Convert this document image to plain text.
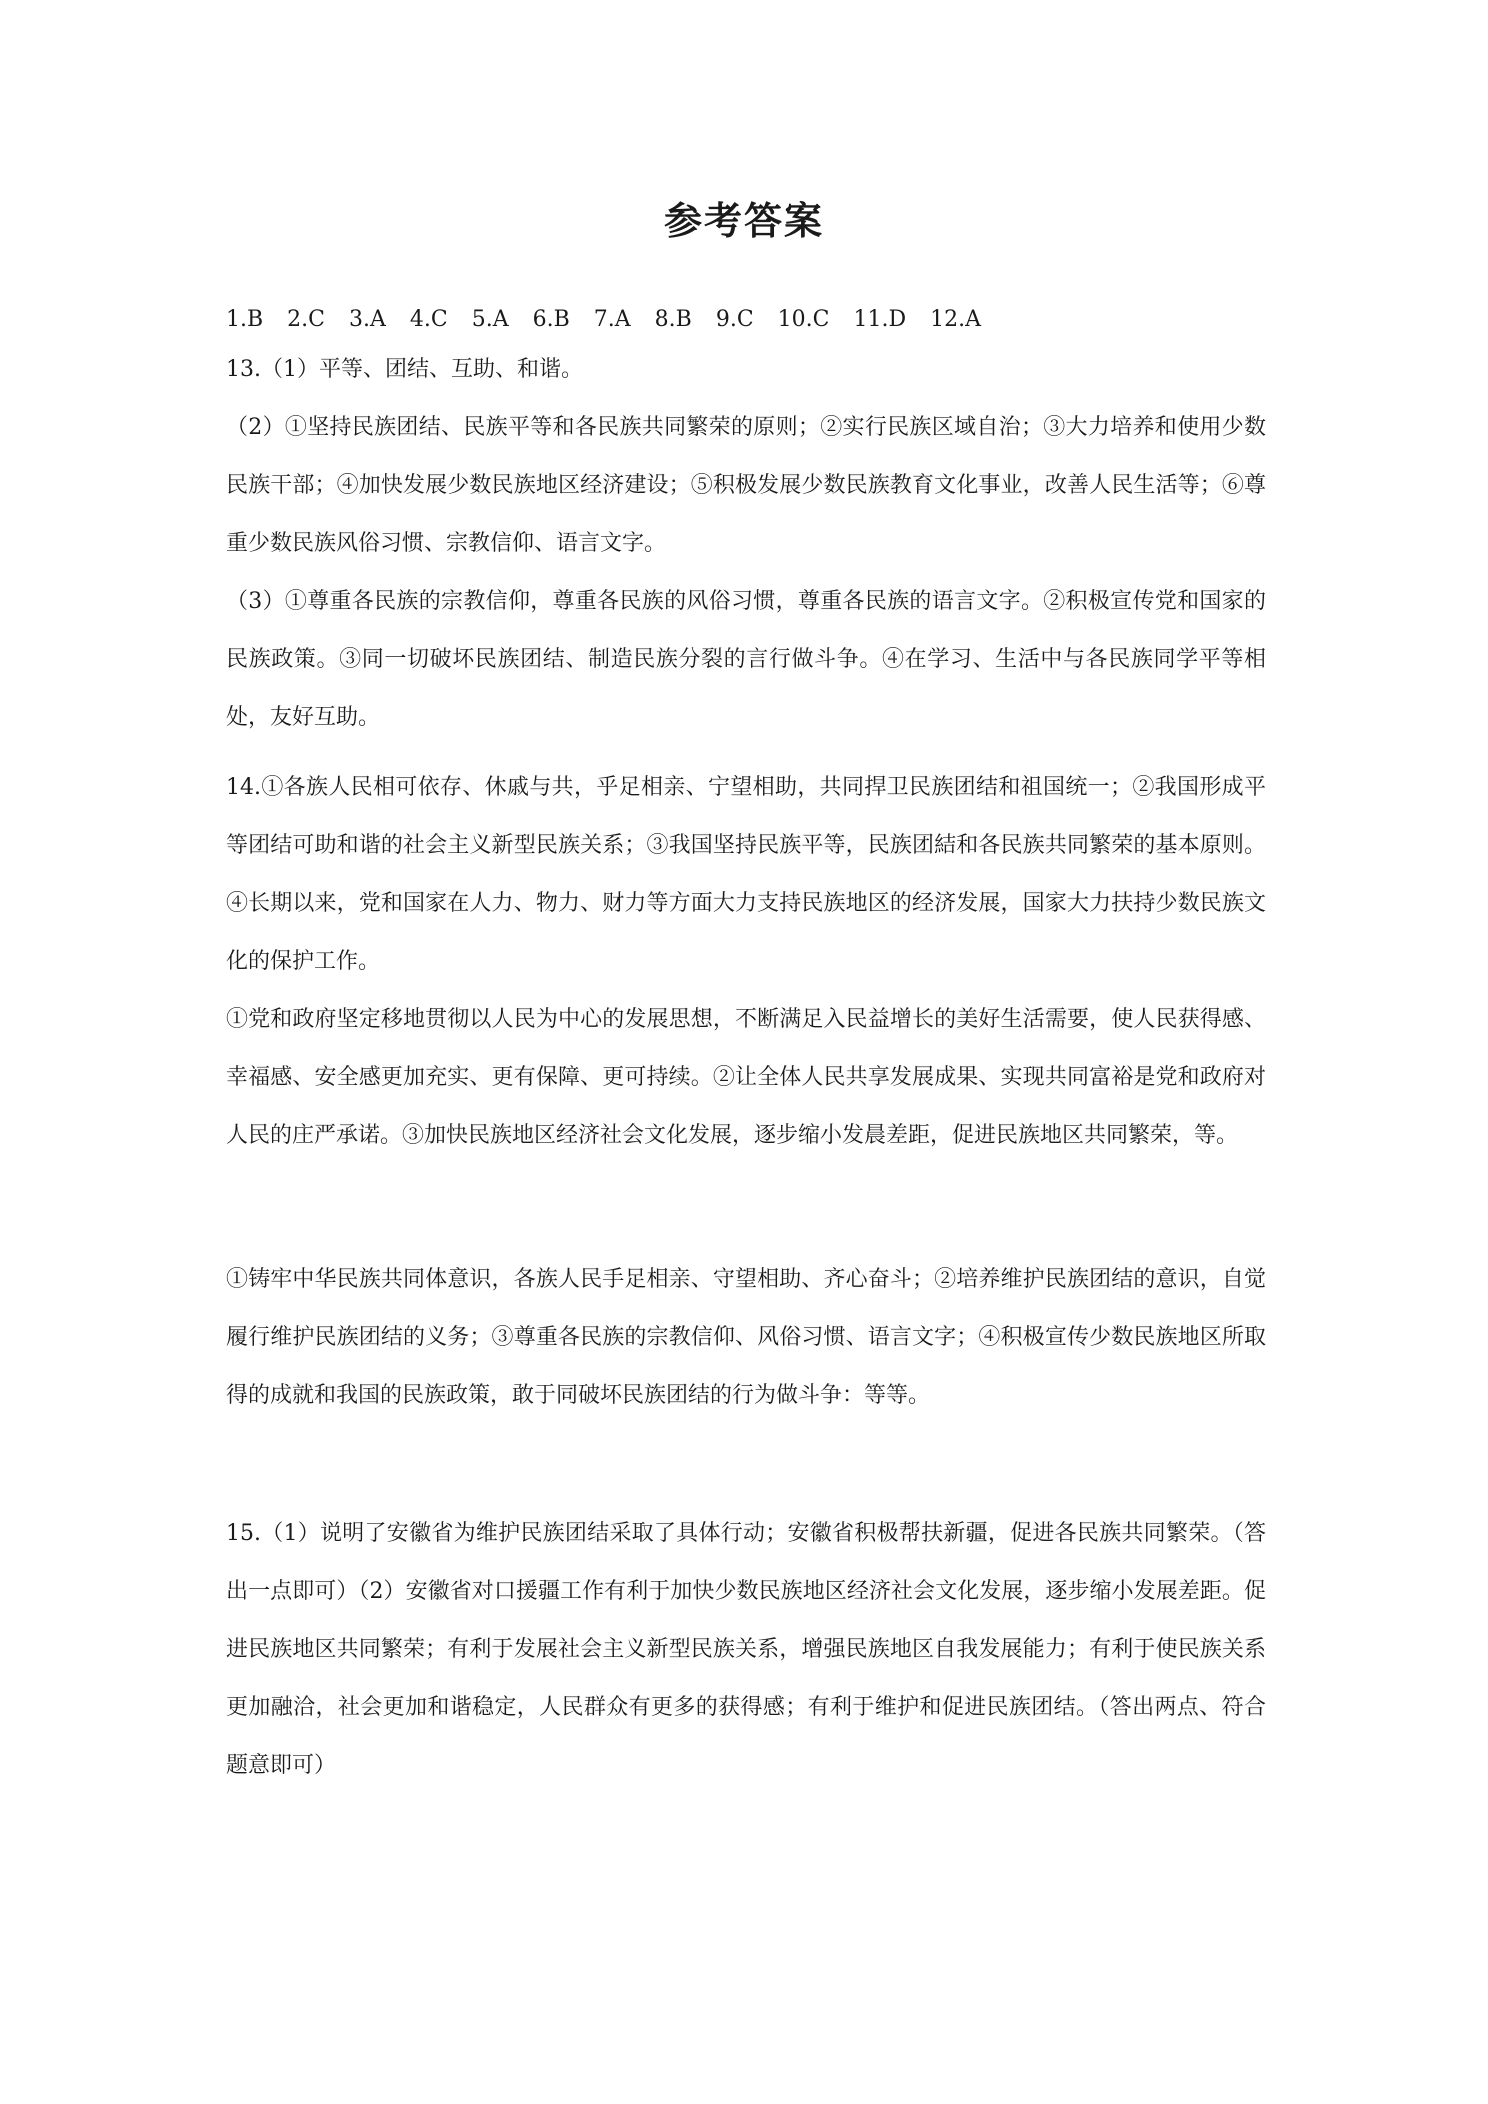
参考答案
1.B 2.C 3.A 4.C 5.A 6.B 7.A 8.B 9.C 10.C 11.D 12.A

13.（1）平等、团结、互助、和谐。

（2）①坚持民族团结、民族平等和各民族共同繁荣的原则；②实行民族区域自治；③大力培养和使用少数民族干部；④加快发展少数民族地区经济建设；⑤积极发展少数民族教育文化事业，改善人民生活等；⑥尊重少数民族风俗习惯、宗教信仰、语言文字。

（3）①尊重各民族的宗教信仰，尊重各民族的风俗习惯，尊重各民族的语言文字。②积极宣传党和国家的民族政策。③同一切破坏民族团结、制造民族分裂的言行做斗争。④在学习、生活中与各民族同学平等相处，友好互助。

14.①各族人民相可依存、休戚与共，乎足相亲、宁望相助，共同捍卫民族团结和祖国统一；②我国形成平等团结可助和谐的社会主义新型民族关系；③我国坚持民族平等，民族团結和各民族共同繁荣的基本原则。④长期以来，党和国家在人力、物力、财力等方面大力支持民族地区的经济发展，国家大力扶持少数民族文化的保护工作。

①党和政府坚定移地贯彻以人民为中心的发展思想，不断满足入民益增长的美好生活需要，使人民获得感、幸福感、安全感更加充实、更有保障、更可持续。②让全体人民共享发展成果、实现共同富裕是党和政府对人民的庄严承诺。③加快民族地区经济社会文化发展，逐步缩小发晨差距，促进民族地区共同繁荣，等。

①铸牢中华民族共同体意识，各族人民手足相亲、守望相助、齐心奋斗；②培养维护民族团结的意识，自觉履行维护民族团结的义务；③尊重各民族的宗教信仰、风俗习惯、语言文字；④积极宣传少数民族地区所取得的成就和我国的民族政策，敢于同破坏民族团结的行为做斗争：等等。

15.（1）说明了安徽省为维护民族团结采取了具体行动；安徽省积极帮扶新疆，促进各民族共同繁荣。（答出一点即可）（2）安徽省对口援疆工作有利于加快少数民族地区经济社会文化发展，逐步缩小发展差距。促进民族地区共同繁荣；有利于发展社会主义新型民族关系，增强民族地区自我发展能力；有利于使民族关系更加融洽，社会更加和谐稳定，人民群众有更多的获得感；有利于维护和促进民族团结。（答出两点、符合题意即可）
